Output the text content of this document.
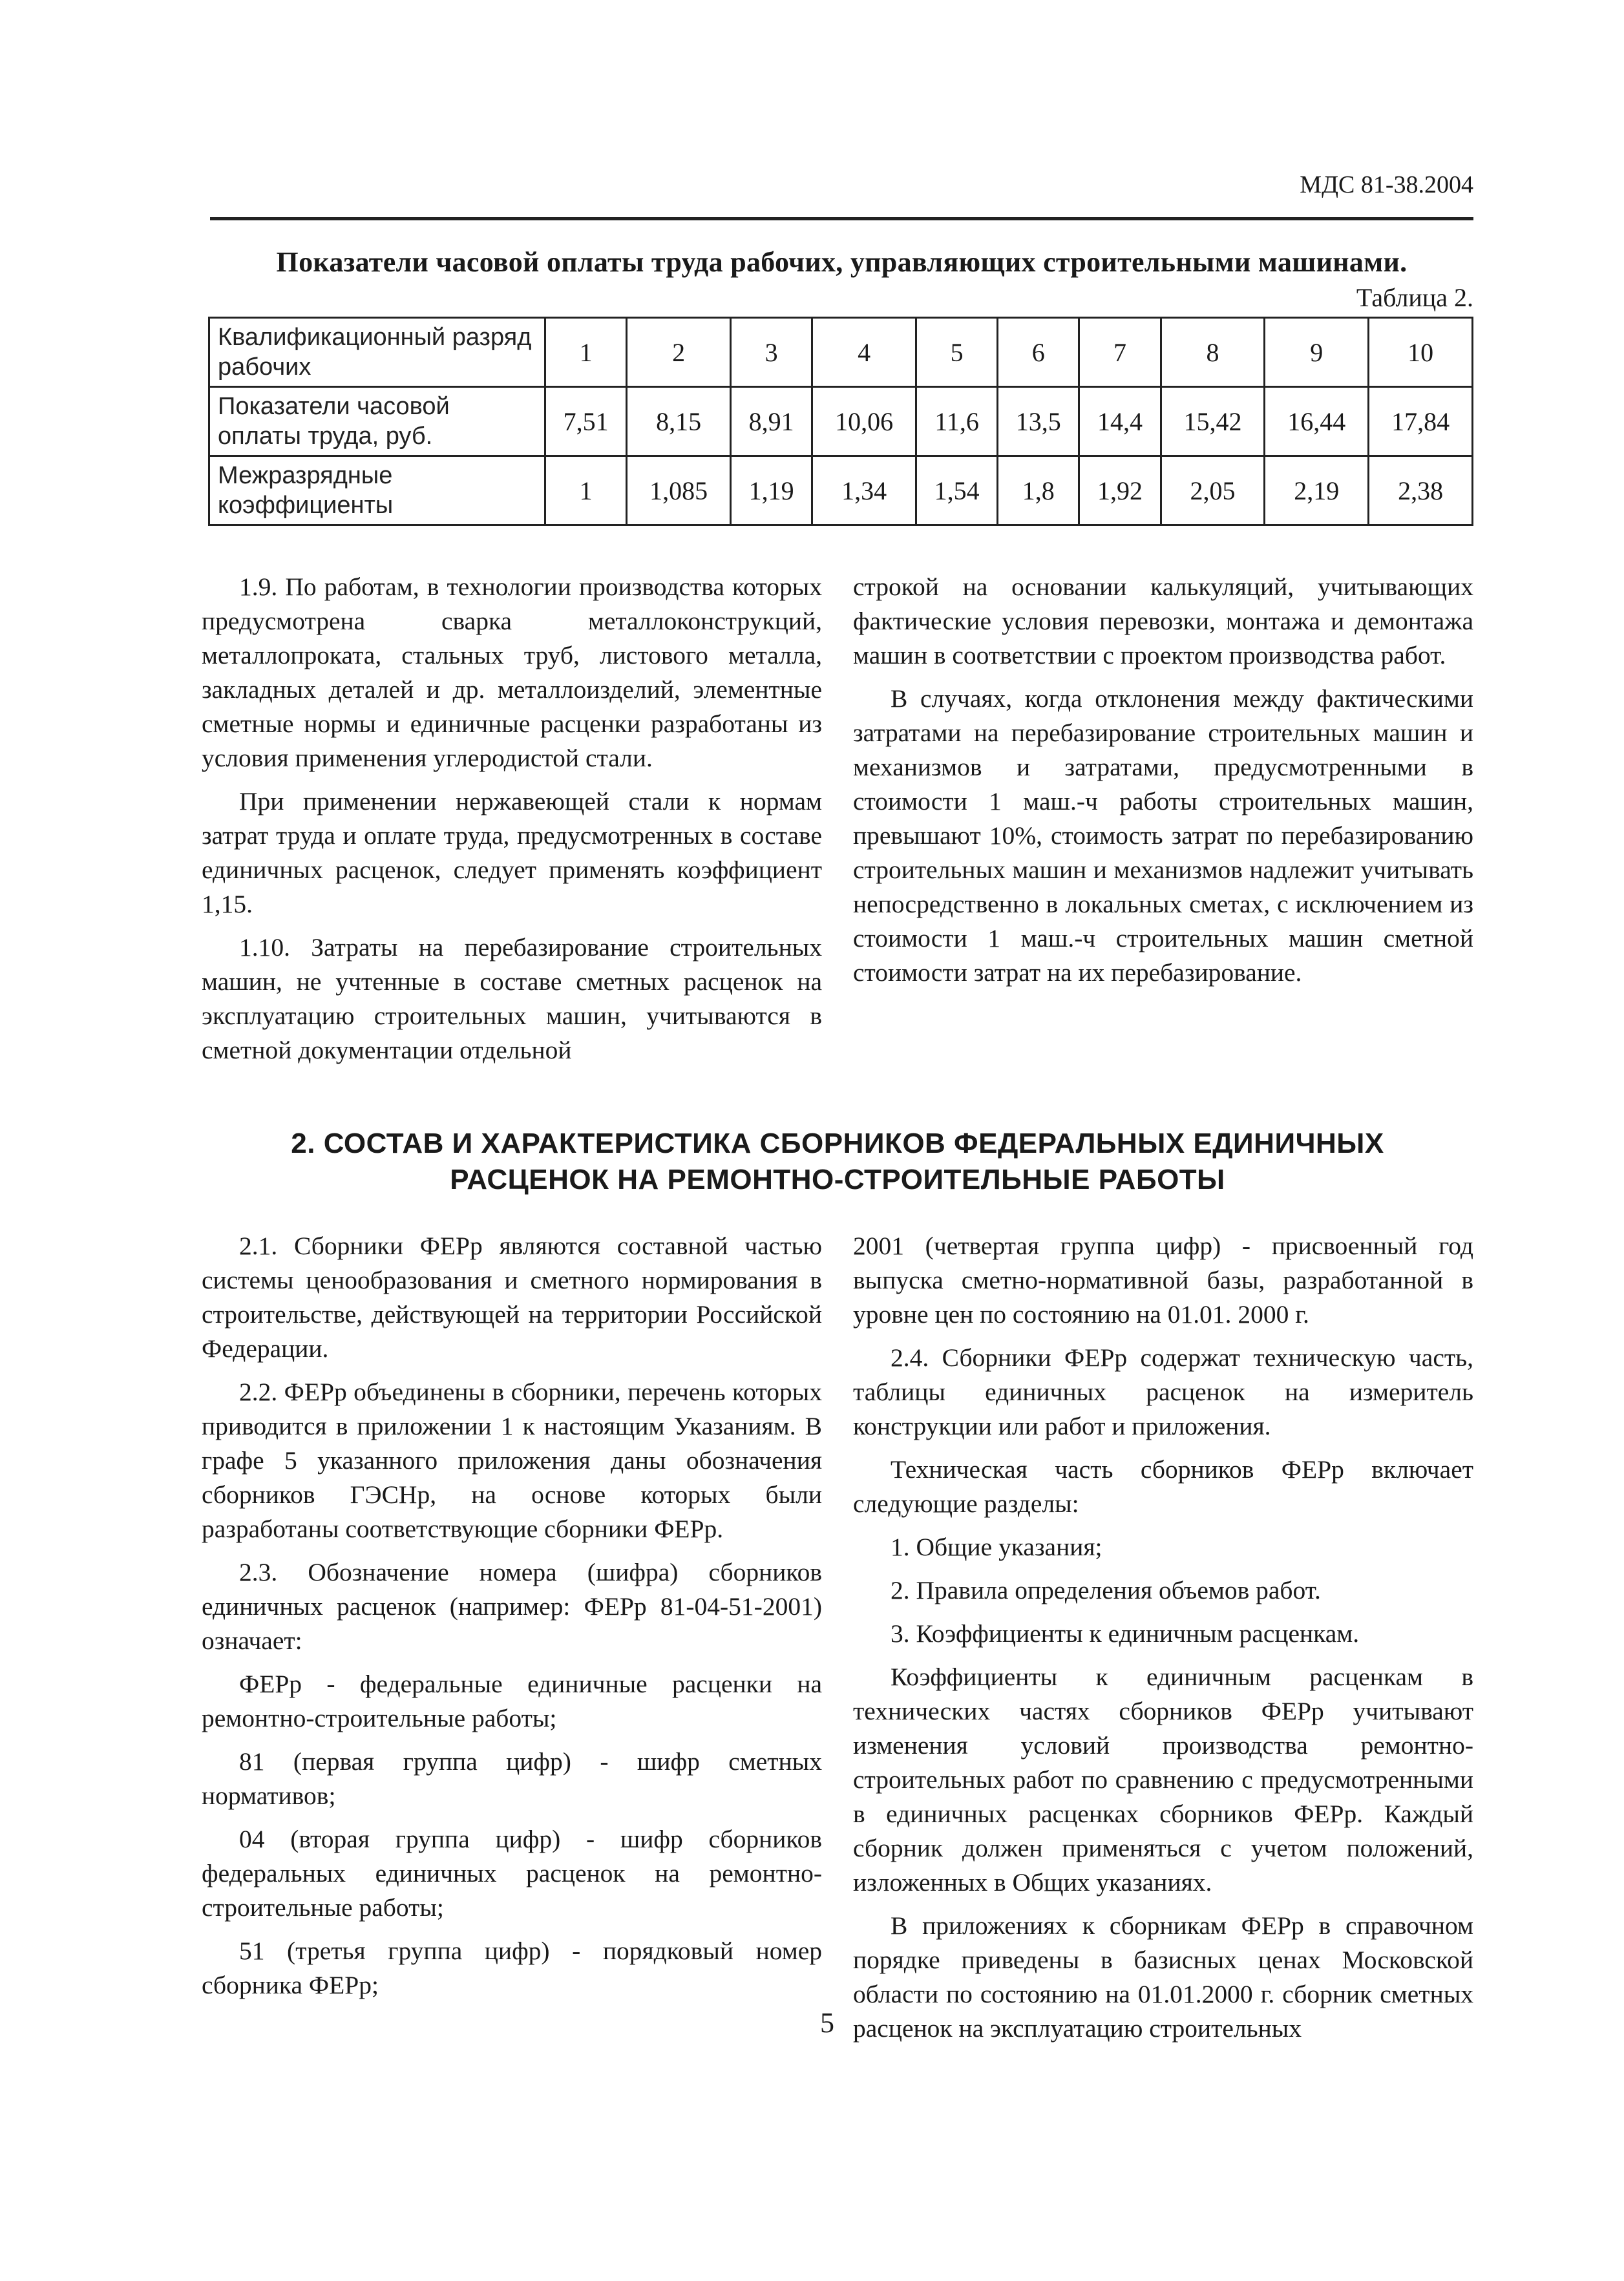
МДС 81-38.2004
Показатели часовой оплаты труда рабочих, управляющих строительными машинами.
Таблица 2.
Квалификационный разряд рабочих	1	2	3	4	5	6	7	8	9	10
Показатели часовой оплаты труда, руб.	7,51	8,15	8,91	10,06	11,6	13,5	14,4	15,42	16,44	17,84
Межразрядные коэффициенты	1	1,085	1,19	1,34	1,54	1,8	1,92	2,05	2,19	2,38

1.9. По работам, в технологии производства которых предусмотрена сварка металлоконструкций, металлопроката, стальных труб, листового металла, закладных деталей и др. металлоизделий, элементные сметные нормы и единичные расценки разработаны из условия применения углеродистой стали.

При применении нержавеющей стали к нормам затрат труда и оплате труда, предусмотренных в составе единичных расценок, следует применять коэффициент 1,15.

1.10. Затраты на перебазирование строительных машин, не учтенные в составе сметных расценок на эксплуатацию строительных машин, учитываются в сметной документации отдельной

строкой на основании калькуляций, учитывающих фактические условия перевозки, монтажа и демонтажа машин в соответствии с проектом производства работ.

В случаях, когда отклонения между фактическими затратами на перебазирование строительных машин и механизмов и затратами, предусмотренными в стоимости 1 маш.-ч работы строительных машин, превышают 10%, стоимость затрат по перебазированию строительных машин и механизмов надлежит учитывать непосредственно в локальных сметах, с исключением из стоимости 1 маш.-ч строительных машин сметной стоимости затрат на их перебазирование.

2. СОСТАВ И ХАРАКТЕРИСТИКА СБОРНИКОВ ФЕДЕРАЛЬНЫХ ЕДИНИЧНЫХ
РАСЦЕНОК НА РЕМОНТНО-СТРОИТЕЛЬНЫЕ РАБОТЫ

2.1. Сборники ФЕРр являются составной частью системы ценообразования и сметного нормирования в строительстве, действующей на территории Российской Федерации.

2.2. ФЕРр объединены в сборники, перечень которых приводится в приложении 1 к настоящим Указаниям. В графе 5 указанного приложения даны обозначения сборников ГЭСНр, на основе которых были разработаны соответствующие сборники ФЕРр.

2.3. Обозначение номера (шифра) сборников единичных расценок (например: ФЕРр 81-04-51-2001) означает:

ФЕРр - федеральные единичные расценки на ремонтно-строительные работы;

81 (первая группа цифр) - шифр сметных нормативов;

04 (вторая группа цифр) - шифр сборников федеральных единичных расценок на ремонтно-строительные работы;

51 (третья группа цифр) - порядковый номер сборника ФЕРр;

2001 (четвертая группа цифр) - присвоенный год выпуска сметно-нормативной базы, разработанной в уровне цен по состоянию на 01.01. 2000 г.

2.4. Сборники ФЕРр содержат техническую часть, таблицы единичных расценок на измеритель конструкции или работ и приложения.

Техническая часть сборников ФЕРр включает следующие разделы:

1. Общие указания;

2. Правила определения объемов работ.

3. Коэффициенты к единичным расценкам.

Коэффициенты к единичным расценкам в технических частях сборников ФЕРр учитывают изменения условий производства ремонтно-строительных работ по сравнению с предусмотренными в единичных расценках сборников ФЕРр. Каждый сборник должен применяться с учетом положений, изложенных в Общих указаниях.

В приложениях к сборникам ФЕРр в справочном порядке приведены в базисных ценах Московской области по состоянию на 01.01.2000 г. сборник сметных расценок на эксплуатацию строительных

5
